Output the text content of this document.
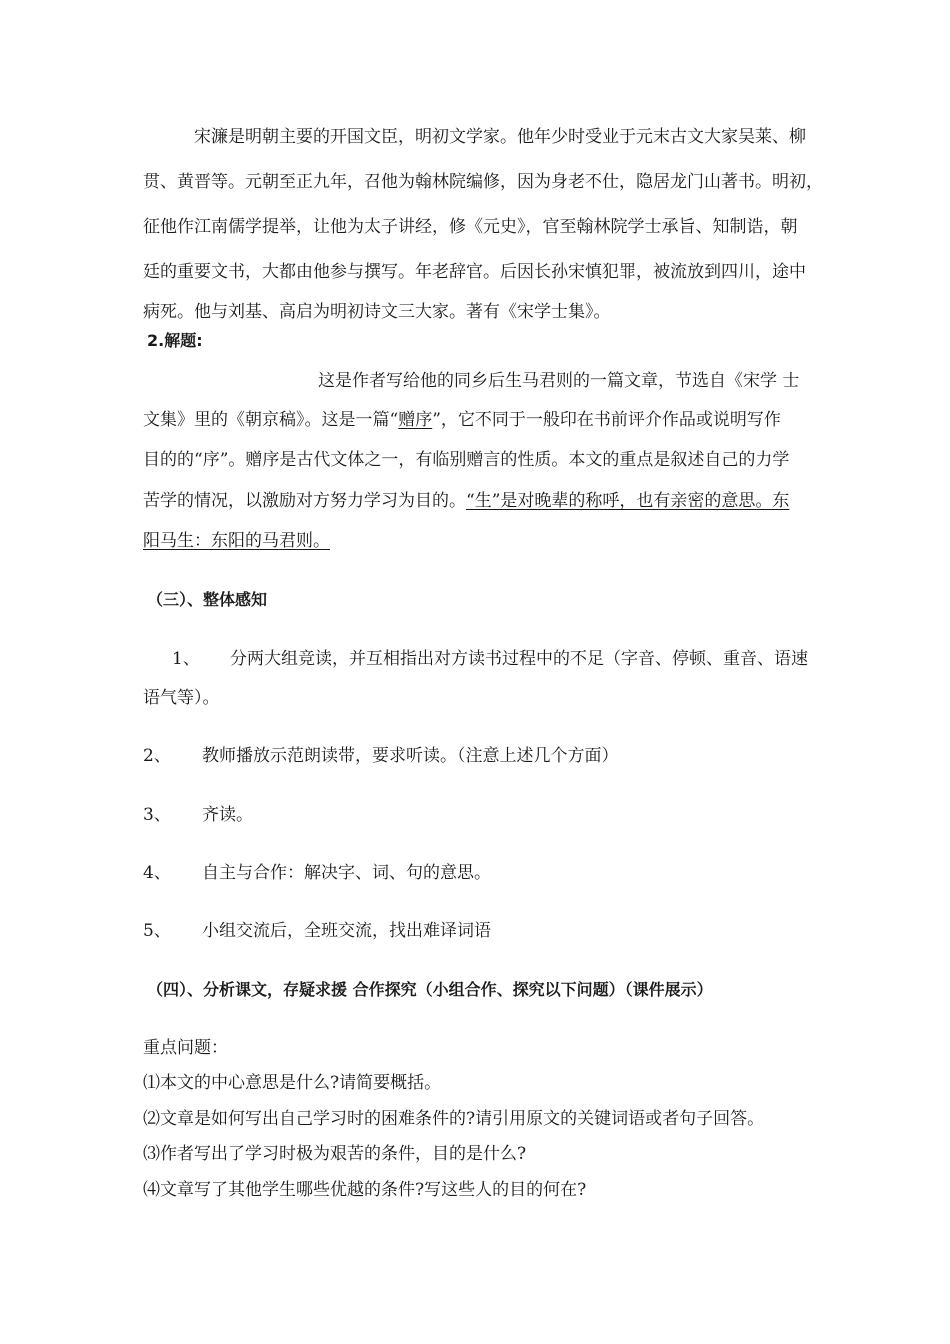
宋濂是明朝主要的开国文臣，明初文学家。他年少时受业于元末古文大家吴莱、柳
贯、黄晋等。元朝至正九年，召他为翰林院编修，因为身老不仕，隐居龙门山著书。明初，
征他作江南儒学提举，让他为太子讲经，修《元史》，官至翰林院学士承旨、知制诰，朝
廷的重要文书，大都由他参与撰写。年老辞官。后因长孙宋慎犯罪，被流放到四川，途中
病死。他与刘基、高启为明初诗文三大家。著有《宋学士集》。
2.解题:
这是作者写给他的同乡后生马君则的一篇文章，节选自《宋学 士
文集》里的《朝京稿》。这是一篇“赠序”，它不同于一般印在书前评介作品或说明写作
目的的“序”。赠序是古代文体之一，有临别赠言的性质。本文的重点是叙述自己的力学
苦学的情况，以激励对方努力学习为目的。“生”是对晚辈的称呼，也有亲密的意思。东
阳马生：东阳的马君则。
（三）、整体感知
1、 分两大组竞读，并互相指出对方读书过程中的不足（字音、停顿、重音、语速
语气等）。
2、 教师播放示范朗读带，要求听读。（注意上述几个方面）
3、 齐读。
4、 自主与合作：解决字、词、句的意思。
5、 小组交流后，全班交流，找出难译词语
（四）、分析课文，存疑求援 合作探究（小组合作、探究以下问题）（课件展示）
重点问题：
⑴本文的中心意思是什么?请简要概括。
⑵文章是如何写出自己学习时的困难条件的?请引用原文的关键词语或者句子回答。
⑶作者写出了学习时极为艰苦的条件，目的是什么?
⑷文章写了其他学生哪些优越的条件?写这些人的目的何在?
